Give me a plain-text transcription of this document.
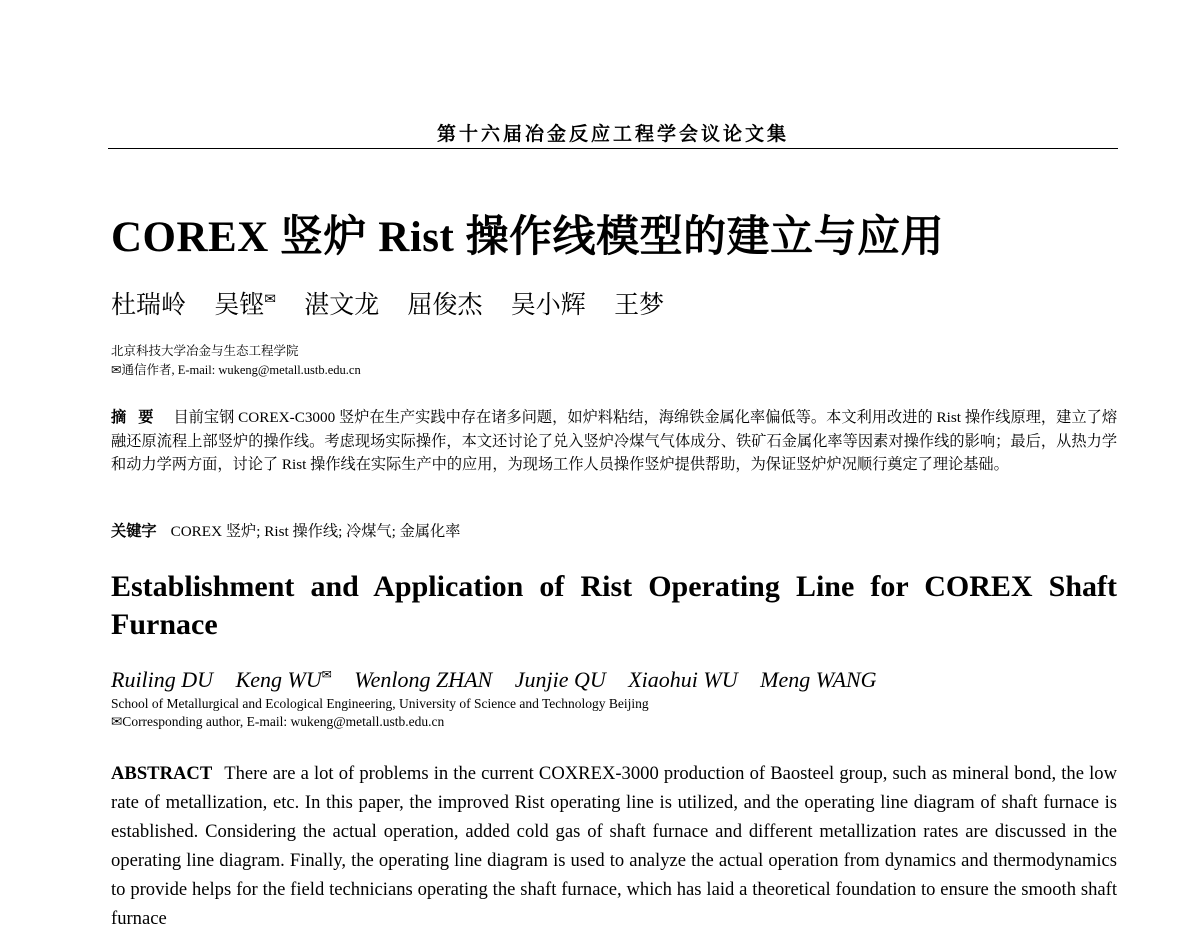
第十六届冶金反应工程学会议论文集
COREX 竖炉 Rist 操作线模型的建立与应用
杜瑞岭 吴铿✉ 湛文龙 屈俊杰 吴小辉 王梦
北京科技大学冶金与生态工程学院
✉通信作者, E-mail: wukeng@metall.ustb.edu.cn
摘要 目前宝钢 COREX-C3000 竖炉在生产实践中存在诸多问题，如炉料粘结，海绵铁金属化率偏低等。本文利用改进的 Rist 操作线原理，建立了熔融还原流程上部竖炉的操作线。考虑现场实际操作，本文还讨论了兑入竖炉冷煤气气体成分、铁矿石金属化率等因素对操作线的影响；最后，从热力学和动力学两方面，讨论了 Rist 操作线在实际生产中的应用，为现场工作人员操作竖炉提供帮助，为保证竖炉炉况顺行奠定了理论基础。
关键字 COREX 竖炉; Rist 操作线; 冷煤气; 金属化率
Establishment and Application of Rist Operating Line for COREX Shaft Furnace
Ruiling DU Keng WU✉ Wenlong ZHAN Junjie QU Xiaohui WU Meng WANG
School of Metallurgical and Ecological Engineering, University of Science and Technology Beijing
✉Corresponding author, E-mail: wukeng@metall.ustb.edu.cn
ABSTRACT There are a lot of problems in the current COXREX-3000 production of Baosteel group, such as mineral bond, the low rate of metallization, etc. In this paper, the improved Rist operating line is utilized, and the operating line diagram of shaft furnace is established. Considering the actual operation, added cold gas of shaft furnace and different metallization rates are discussed in the operating line diagram. Finally, the operating line diagram is used to analyze the actual operation from dynamics and thermodynamics to provide helps for the field technicians operating the shaft furnace, which has laid a theoretical foundation to ensure the smooth shaft furnace
